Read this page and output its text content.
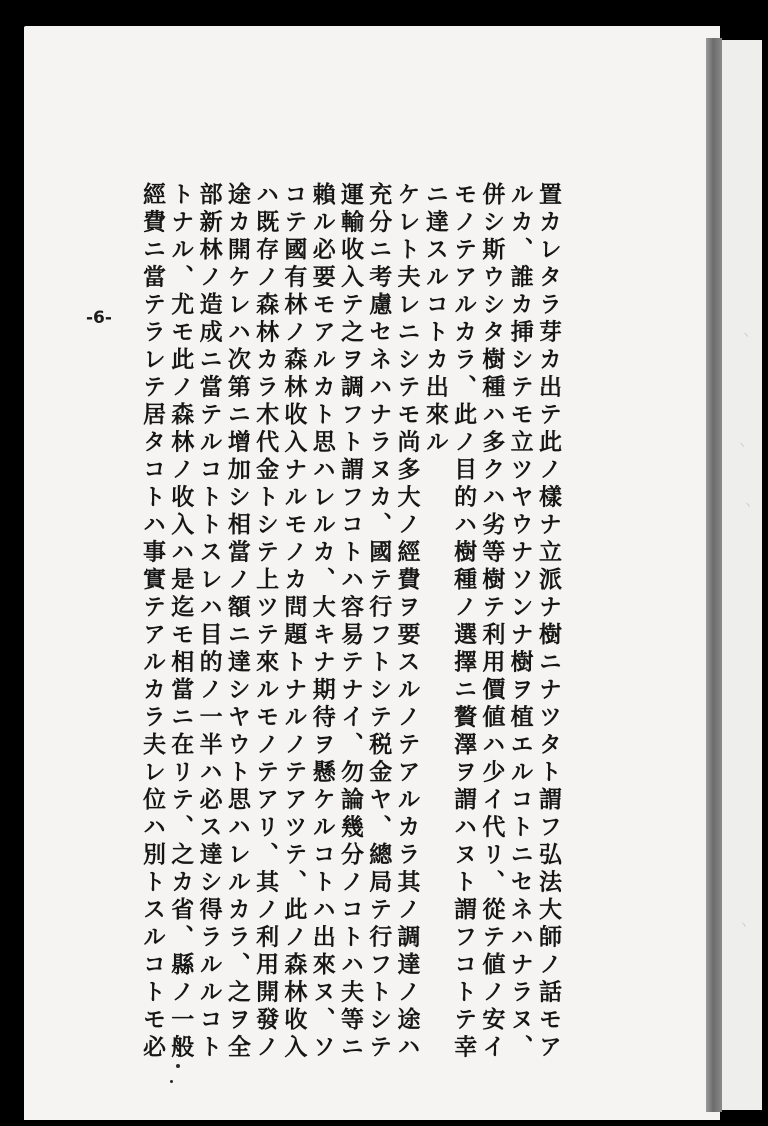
丶
丶
丶
丶
-6-	置カレタラ芽カ出テ此ノ樣ナ立派ナ樹ニナツタト謂フ弘法大師ノ話モア
ルカ、誰カ挿シテモ立ツヤウナソンナ樹ヲ植エルコトニセネハナラヌ、
併シ斯ウシタ樹種ハ多クハ劣等樹テ利用價値ハ少イ代リ、從テ値ノ安イ
モノテアルカラ、此ノ目的ハ樹種ノ選擇ニ贅澤ヲ謂ハヌト謂フコトテ幸
ニ達スルコトカ出來ル
ケレト夫レニシテモ尚多大ノ經費ヲ要スルノテアルカラ其ノ調達ノ途ハ
充分ニ考慮セネハナラヌカ、國テ行フトシテ税金ヤ、總局テ行フトシテ
運輸收入テ之ヲ調フト謂フコトハ容易テナイ、勿論幾分ノコトハ夫等ニ
賴ル必要モアルカト思ハレルカ、大キナ期待ヲ懸ケルコトハ出來ヌ、ソ
コテ國有林ノ森林收入ナルモノカ問題トナルノテアツテ、此ノ森林收入
ハ既存ノ森林カラ木代金トシテ上ツテ來ルモノテアリ、其ノ利用開發ノ
途カ開ケレハ次第ニ增加シ相當ノ額ニ達シヤウト思ハレルカラ、之ヲ全
部新林ノ造成ニ當テルコトトスレハ目的ノ一半ハ必ス達シ得ラルルコト
トナル、尤モ此ノ森林ノ收入ハ是迄モ相當ニ在リテ、之カ省、縣ノ一般
經費ニ當テラレテ居タコトハ事實テアルカラ夫レ位ハ別トスルコトモ必
